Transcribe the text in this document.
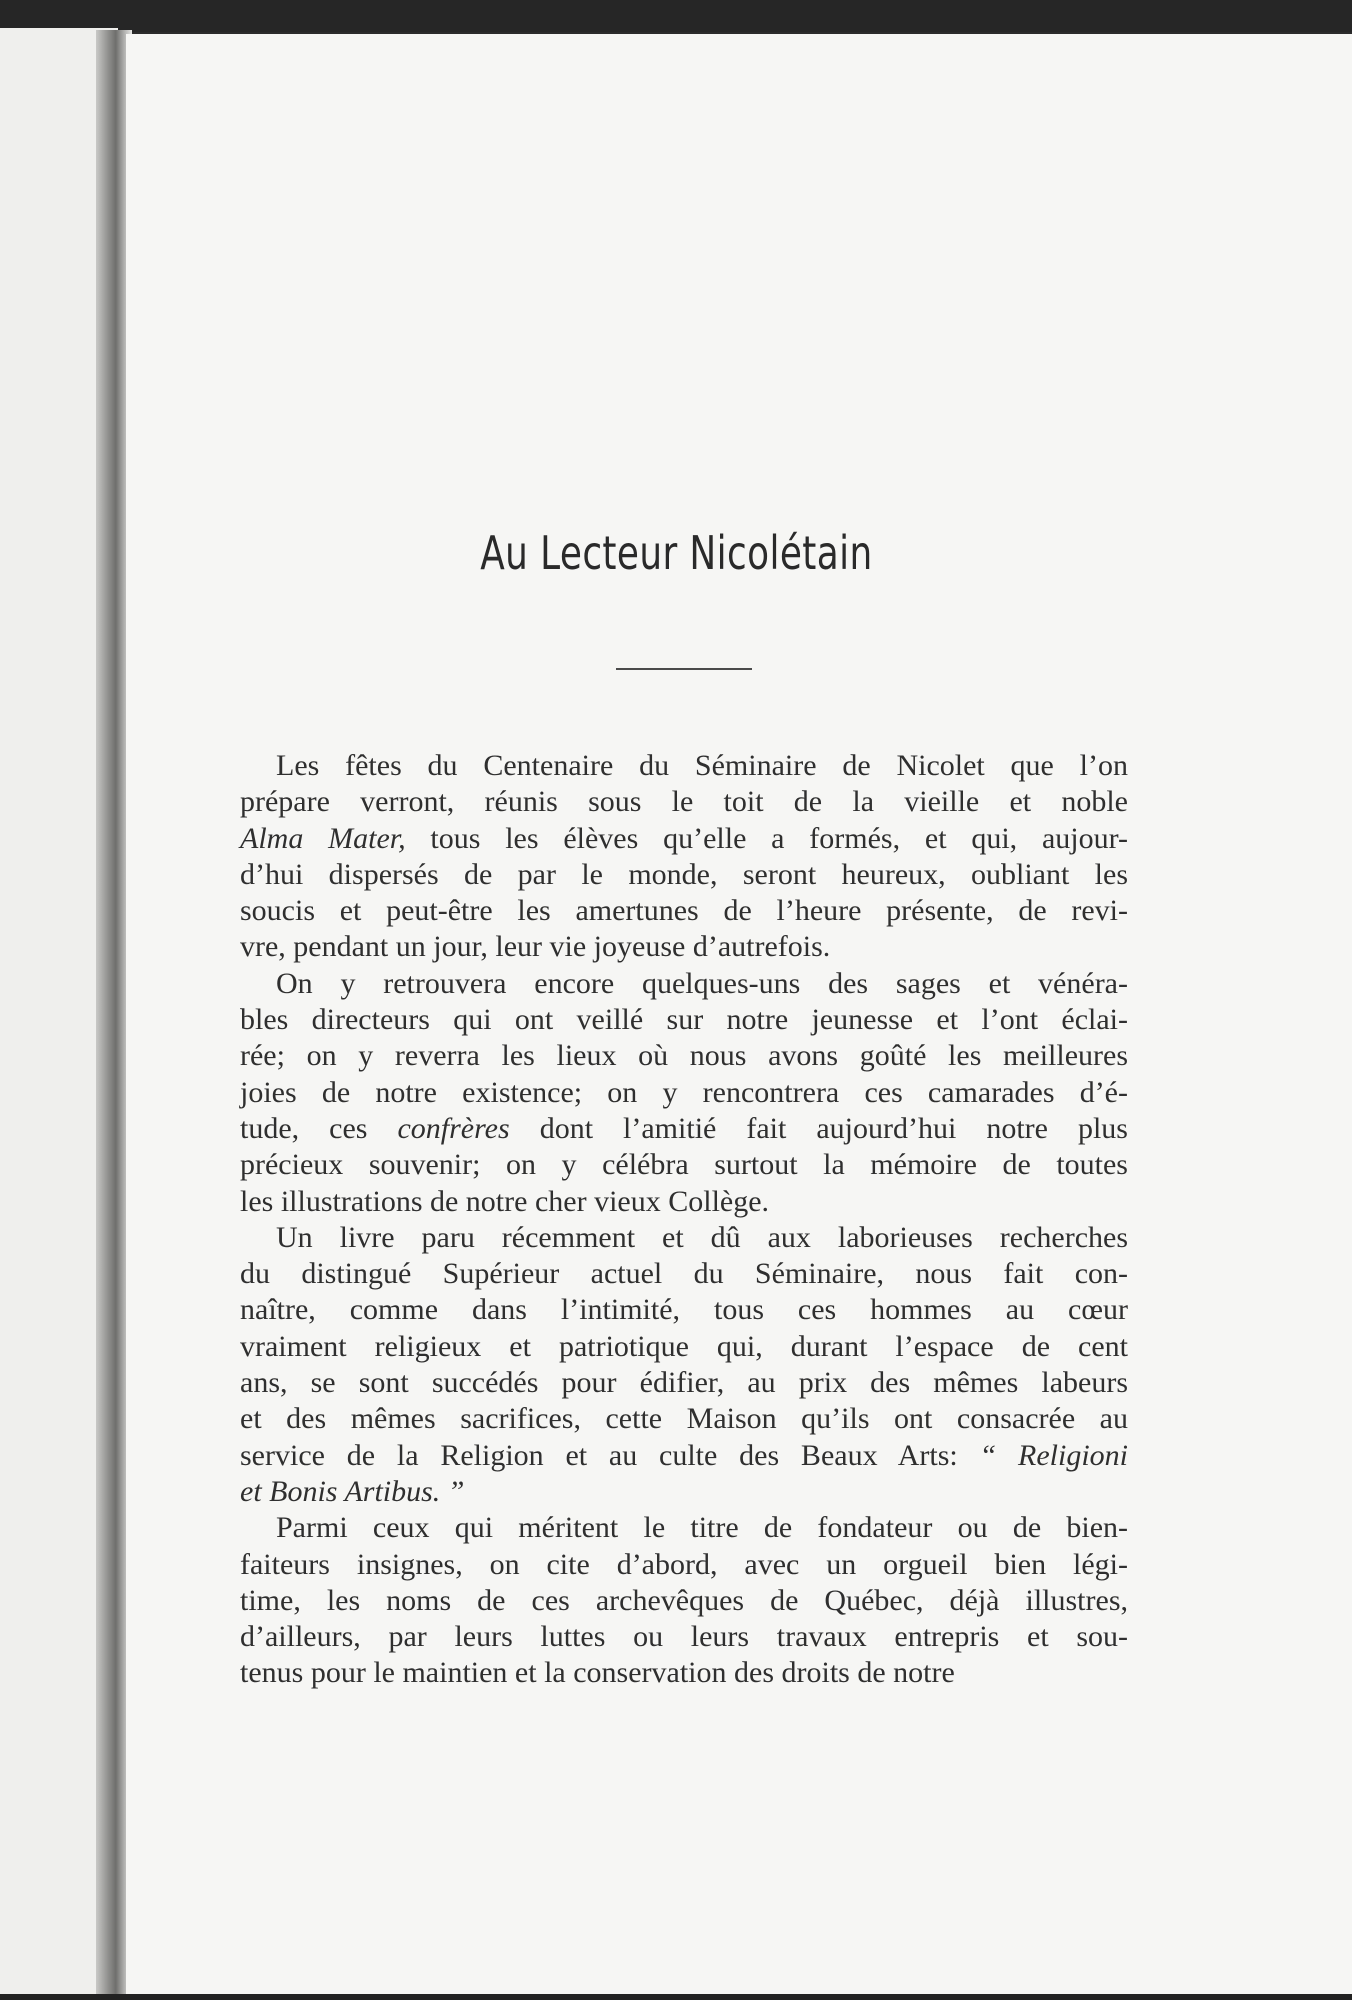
Au Lecteur Nicolétain

Les fêtes du Centenaire du Séminaire de Nicolet que l’on

prépare verront, réunis sous le toit de la vieille et noble

Alma Mater, tous les élèves qu’elle a formés, et qui, aujour-

d’hui dispersés de par le monde, seront heureux, oubliant les

soucis et peut-être les amertunes de l’heure présente, de revi-

vre, pendant un jour, leur vie joyeuse d’autrefois.

On y retrouvera encore quelques-uns des sages et vénéra-

bles directeurs qui ont veillé sur notre jeunesse et l’ont éclai-

rée; on y reverra les lieux où nous avons goûté les meilleures

joies de notre existence; on y rencontrera ces camarades d’é-

tude, ces confrères dont l’amitié fait aujourd’hui notre plus

précieux souvenir; on y célébra surtout la mémoire de toutes

les illustrations de notre cher vieux Collège.

Un livre paru récemment et dû aux laborieuses recherches

du distingué Supérieur actuel du Séminaire, nous fait con-

naître, comme dans l’intimité, tous ces hommes au cœur

vraiment religieux et patriotique qui, durant l’espace de cent

ans, se sont succédés pour édifier, au prix des mêmes labeurs

et des mêmes sacrifices, cette Maison qu’ils ont consacrée au

service de la Religion et au culte des Beaux Arts: “ Religioni

et Bonis Artibus. ”

Parmi ceux qui méritent le titre de fondateur ou de bien-

faiteurs insignes, on cite d’abord, avec un orgueil bien légi-

time, les noms de ces archevêques de Québec, déjà illustres,

d’ailleurs, par leurs luttes ou leurs travaux entrepris et sou-

tenus pour le maintien et la conservation des droits de notre
